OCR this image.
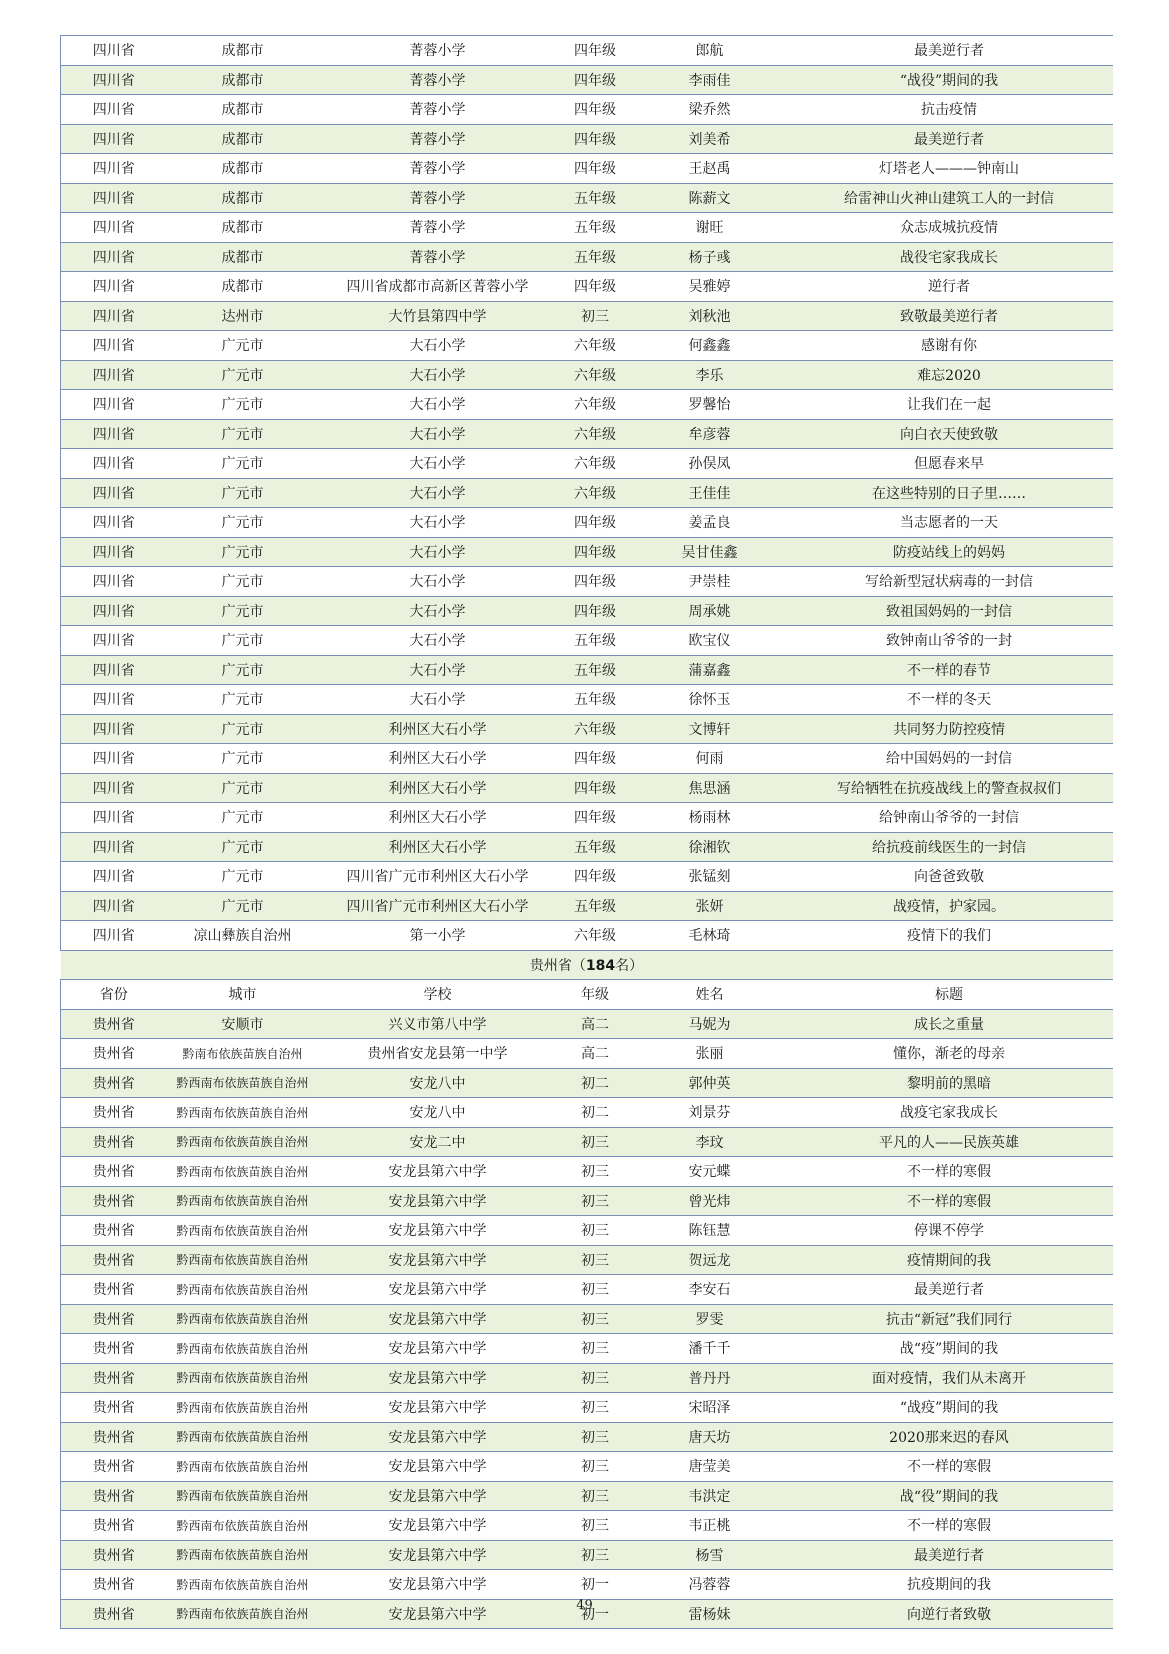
四川省	成都市	菁蓉小学	四年级	郎航	最美逆行者
四川省	成都市	菁蓉小学	四年级	李雨佳	“战役”期间的我
四川省	成都市	菁蓉小学	四年级	梁乔然	抗击疫情
四川省	成都市	菁蓉小学	四年级	刘美希	最美逆行者
四川省	成都市	菁蓉小学	四年级	王赵禹	灯塔老人———钟南山
四川省	成都市	菁蓉小学	五年级	陈薪文	给雷神山火神山建筑工人的一封信
四川省	成都市	菁蓉小学	五年级	谢旺	众志成城抗疫情
四川省	成都市	菁蓉小学	五年级	杨子彧	战役宅家我成长
四川省	成都市	四川省成都市高新区菁蓉小学	四年级	吴雅婷	逆行者
四川省	达州市	大竹县第四中学	初三	刘秋池	致敬最美逆行者
四川省	广元市	大石小学	六年级	何鑫鑫	感谢有你
四川省	广元市	大石小学	六年级	李乐	难忘2020
四川省	广元市	大石小学	六年级	罗馨怡	让我们在一起
四川省	广元市	大石小学	六年级	牟彦蓉	向白衣天使致敬
四川省	广元市	大石小学	六年级	孙俣凤	但愿春来早
四川省	广元市	大石小学	六年级	王佳佳	在这些特别的日子里……
四川省	广元市	大石小学	四年级	姜孟良	当志愿者的一天
四川省	广元市	大石小学	四年级	吴甘佳鑫	防疫站线上的妈妈
四川省	广元市	大石小学	四年级	尹崇桂	写给新型冠状病毒的一封信
四川省	广元市	大石小学	四年级	周承姚	致祖国妈妈的一封信
四川省	广元市	大石小学	五年级	欧宝仪	致钟南山爷爷的一封
四川省	广元市	大石小学	五年级	蒲嘉鑫	不一样的春节
四川省	广元市	大石小学	五年级	徐怀玉	不一样的冬天
四川省	广元市	利州区大石小学	六年级	文博轩	共同努力防控疫情
四川省	广元市	利州区大石小学	四年级	何雨	给中国妈妈的一封信
四川省	广元市	利州区大石小学	四年级	焦思涵	写给牺牲在抗疫战线上的警查叔叔们
四川省	广元市	利州区大石小学	四年级	杨雨林	给钟南山爷爷的一封信
四川省	广元市	利州区大石小学	五年级	徐湘钦	给抗疫前线医生的一封信
四川省	广元市	四川省广元市利州区大石小学	四年级	张锰刻	向爸爸致敬
四川省	广元市	四川省广元市利州区大石小学	五年级	张妍	战疫情，护家园。
四川省	凉山彝族自治州	第一小学	六年级	毛林琦	疫情下的我们
贵州省（184名）					
省份	城市	学校	年级	姓名	标题
贵州省	安顺市	兴义市第八中学	高二	马妮为	成长之重量
贵州省	黔南布依族苗族自治州	贵州省安龙县第一中学	高二	张丽	懂你，渐老的母亲
贵州省	黔西南布依族苗族自治州	安龙八中	初二	郭仲英	黎明前的黑暗
贵州省	黔西南布依族苗族自治州	安龙八中	初二	刘景芬	战疫宅家我成长
贵州省	黔西南布依族苗族自治州	安龙二中	初三	李玟	平凡的人——民族英雄
贵州省	黔西南布依族苗族自治州	安龙县第六中学	初三	安元蝶	不一样的寒假
贵州省	黔西南布依族苗族自治州	安龙县第六中学	初三	曾光炜	不一样的寒假
贵州省	黔西南布依族苗族自治州	安龙县第六中学	初三	陈钰慧	停课不停学
贵州省	黔西南布依族苗族自治州	安龙县第六中学	初三	贺远龙	疫情期间的我
贵州省	黔西南布依族苗族自治州	安龙县第六中学	初三	李安石	最美逆行者
贵州省	黔西南布依族苗族自治州	安龙县第六中学	初三	罗雯	抗击“新冠”我们同行
贵州省	黔西南布依族苗族自治州	安龙县第六中学	初三	潘千千	战“疫”期间的我
贵州省	黔西南布依族苗族自治州	安龙县第六中学	初三	普丹丹	面对疫情，我们从未离开
贵州省	黔西南布依族苗族自治州	安龙县第六中学	初三	宋昭泽	“战疫”期间的我
贵州省	黔西南布依族苗族自治州	安龙县第六中学	初三	唐天坊	2020那来迟的春风
贵州省	黔西南布依族苗族自治州	安龙县第六中学	初三	唐莹美	不一样的寒假
贵州省	黔西南布依族苗族自治州	安龙县第六中学	初三	韦洪定	战“役”期间的我
贵州省	黔西南布依族苗族自治州	安龙县第六中学	初三	韦正桃	不一样的寒假
贵州省	黔西南布依族苗族自治州	安龙县第六中学	初三	杨雪	最美逆行者
贵州省	黔西南布依族苗族自治州	安龙县第六中学	初一	冯蓉蓉	抗疫期间的我
贵州省	黔西南布依族苗族自治州	安龙县第六中学	初一	雷杨妹	向逆行者致敬
49
